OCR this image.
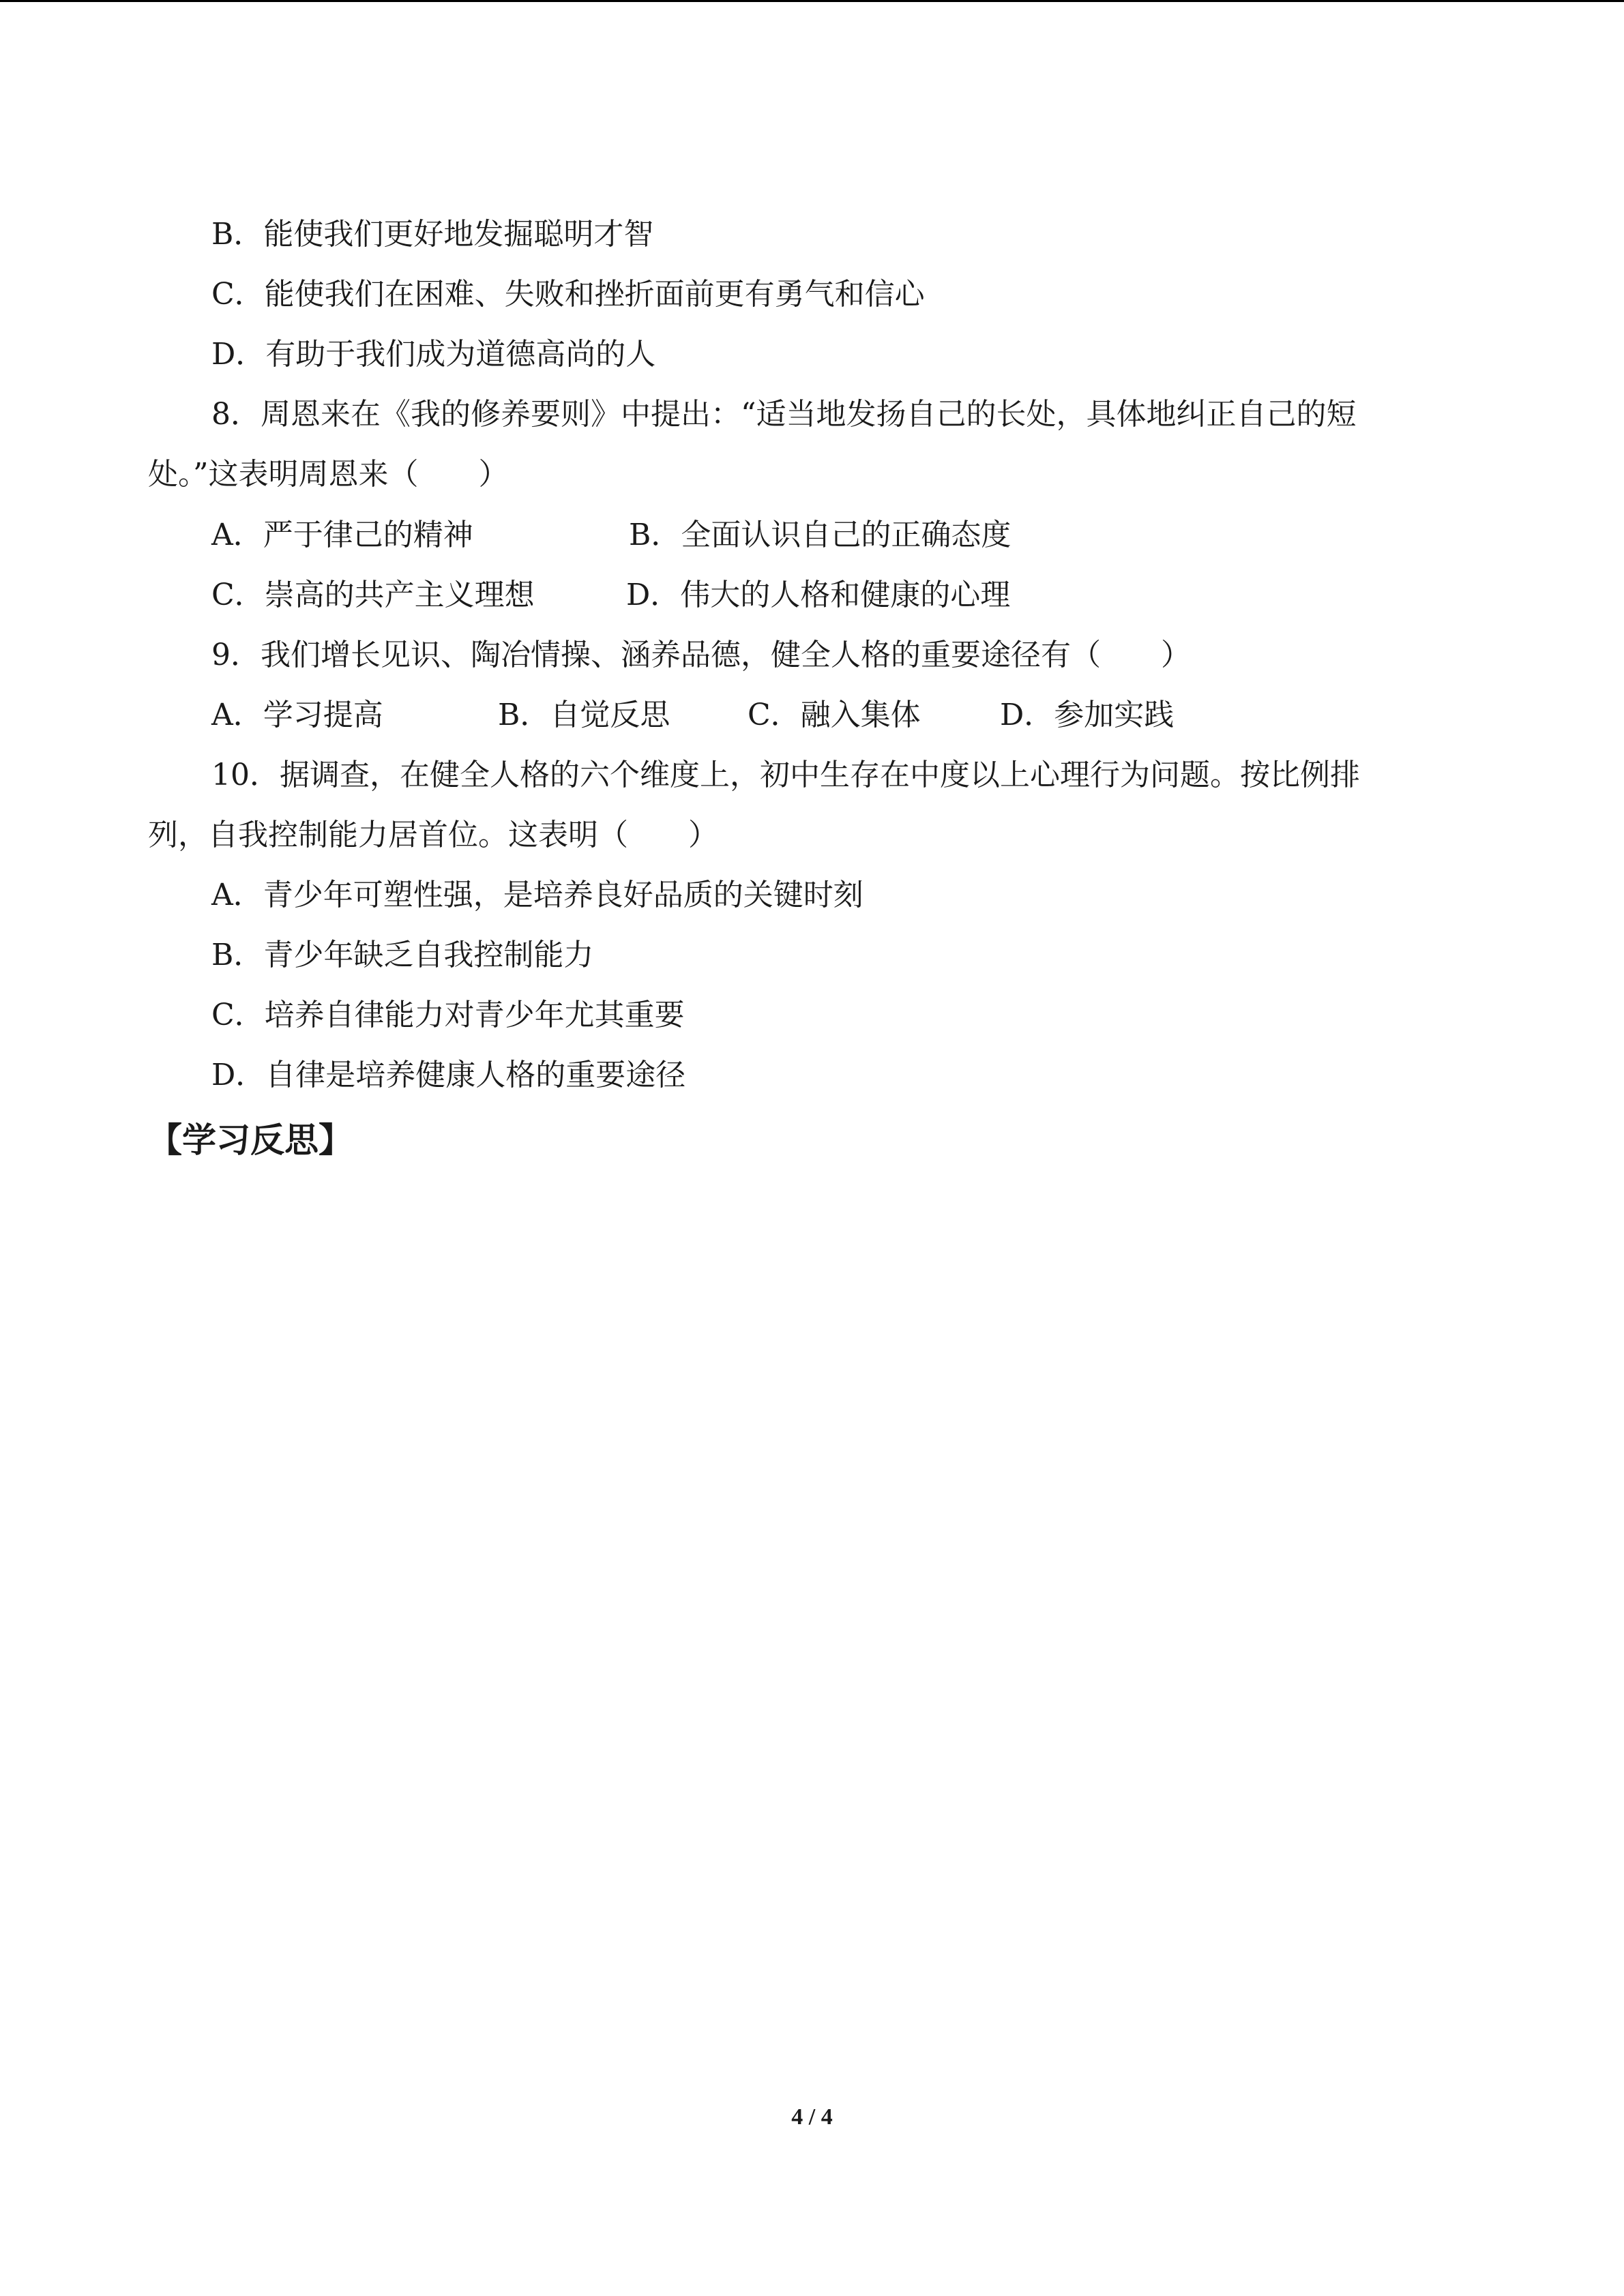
B．能使我们更好地发掘聪明才智
C．能使我们在困难、失败和挫折面前更有勇气和信心
D．有助于我们成为道德高尚的人
8．周恩来在《我的修养要则》中提出：“适当地发扬自己的长处，具体地纠正自己的短
处。”这表明周恩来（　　）

A．严于律己的精神

	B．全面认识自己的正确态度

C．崇高的共产主义理想

	D．伟大的人格和健康的心理

9．我们增长见识、陶冶情操、涵养品德，健全人格的重要途径有（　　）

A．学习提高

	B．自觉反思

	C．融入集体

	D．参加实践

10．据调查，在健全人格的六个维度上，初中生存在中度以上心理行为问题。按比例排
列，自我控制能力居首位。这表明（　　）
A．青少年可塑性强，是培养良好品质的关键时刻
B．青少年缺乏自我控制能力
C．培养自律能力对青少年尤其重要
D．自律是培养健康人格的重要途径
【学习反思】
4 / 4
